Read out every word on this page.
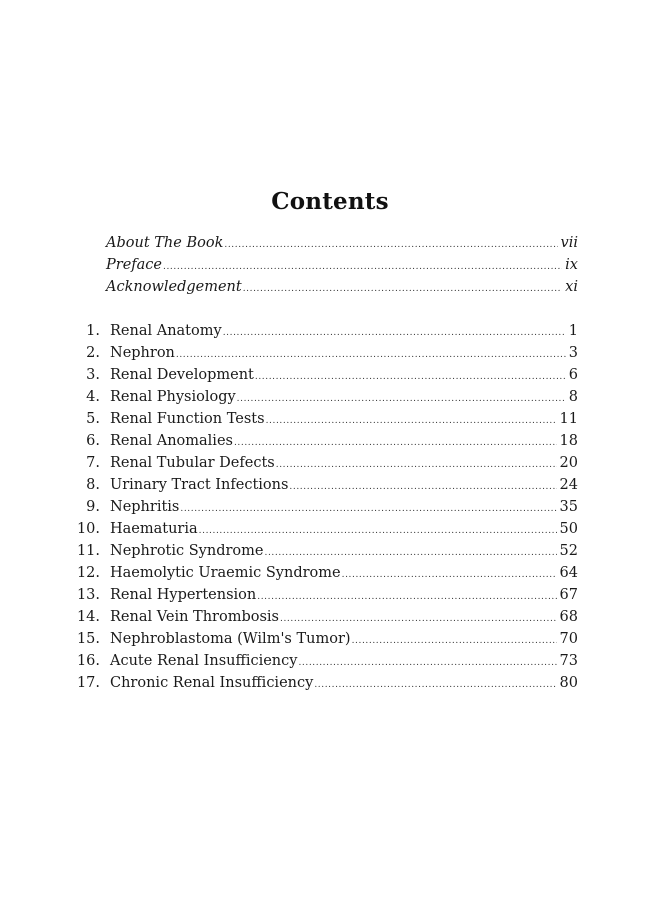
Contents
About The Book .....	vii
Preface .....	ix
Acknowledgement .....	xi
1. Renal Anatomy .....	1
2. Nephron .....	3
3. Renal Development .....	6
4. Renal Physiology .....	8
5. Renal Function Tests .....	11
6. Renal Anomalies .....	18
7. Renal Tubular Defects .....	20
8. Urinary Tract Infections .....	24
9. Nephritis .....	35
10. Haematuria .....	50
11. Nephrotic Syndrome .....	52
12. Haemolytic Uraemic Syndrome .....	64
13. Renal Hypertension .....	67
14. Renal Vein Thrombosis .....	68
15. Nephroblastoma (Wilm's Tumor) .....	70
16. Acute Renal Insufficiency .....	73
17. Chronic Renal Insufficiency .....	80
